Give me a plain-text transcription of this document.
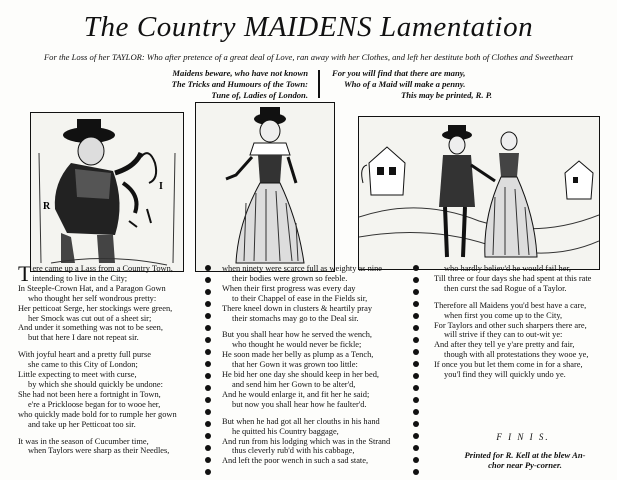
The Country MAIDENS Lamentation
For the Loss of her TAYLOR: Who after pretence of a great deal of Love, ran away with her Clothes, and left her destitute both of Clothes and Sweetheart
Maidens beware, who have not known
The Tricks and Humours of the Town:
Tune of, Ladies of London.
For you will find that there are many,
Who of a Maid will make a penny.
This may be printed, R. P.
R
I
Tere came up a Lass from a Country Town,
intending to live in the City;
In Steeple-Crown Hat, and a Paragon Gown
who thought her self wondrous pretty:
Her petticoat Serge, her stockings were green,
her Smock was cut out of a sheet sir;
And under it something was not to be seen,
but that here I dare not repeat sir.
With joyful heart and a pretty full purse
she came to this City of London;
Little expecting to meet with curse,
by which she should quickly be undone:
She had not been here a fortnight in Town,
e're a Prickloose began for to wooe her,
who quickly made bold for to rumple her gown
and take up her Petticoat too sir.
It was in the season of Cucumber time,
when Taylors were sharp as their Needles,
when ninety were scarce full as weighty as nine
their bodies were grown so feeble.
When their first progress was every day
to their Chappel of ease in the Fields sir,
There kneel down in clusters & heartily pray
their stomachs may go to the Deal sir.
But you shall hear how he served the wench,
who thought he would never be fickle;
He soon made her belly as plump as a Tench,
that her Gown it was grown too little:
He bid her one day she should keep in her bed,
and send him her Gown to be alter'd,
And he would enlarge it, and fit her he said;
but now you shall hear how he faulter'd.
But when he had got all her clouths in his hand
he quitted his Country baggage,
And run from his lodging which was in the Strand
thus cleverly rub'd with his cabbage,
And left the poor wench in such a sad state,
who hardly believ'd he would fail her,
Till three or four days she had spent at this rate
then curst the sad Rogue of a Taylor.
Therefore all Maidens you'd best have a care,
when first you come up to the City,
For Taylors and other such sharpers there are,
will strive if they can to out-wit ye:
And after they tell ye y'are pretty and fair,
though with all protestations they wooe ye,
If once you but let them come in for a share,
you'l find they will quickly undo ye.
F I N I S.
Printed for R. Kell at the blew An-
chor near Py-corner.
